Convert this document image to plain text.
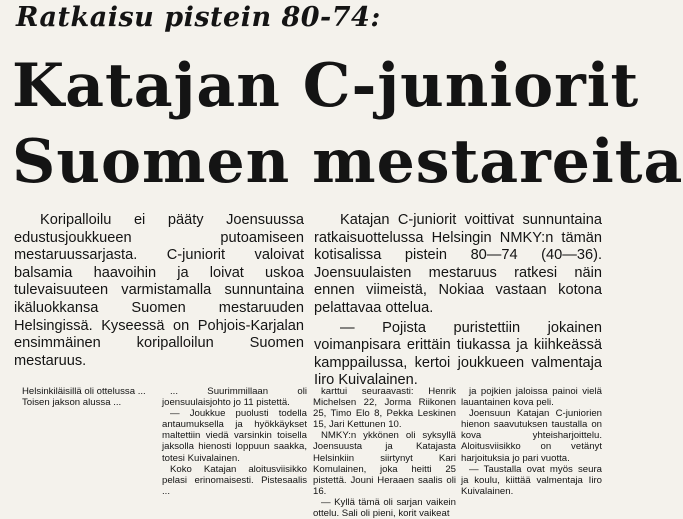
Ratkaisu pistein 80-74:
Katajan C-juniorit
Suomen mestareita

Koripalloilu ei pääty Joensuussa edustusjoukkueen putoamiseen mestaruussarjasta. C-juniorit valoivat balsamia haavoihin ja loivat uskoa tulevaisuuteen varmistamalla sunnuntaina ikäluokkansa Suomen mestaruuden Helsingissä. Kyseessä on Pohjois-Karjalan ensimmäinen koripalloilun Suomen mestaruus.

Katajan C-juniorit voittivat sunnuntaina ratkaisuottelussa Helsingin NMKY:n tämän kotisalissa pistein 80—74 (40—36). Joensuulaisten mestaruus ratkesi näin ennen viimeistä, Nokiaa vastaan kotona pelattavaa ottelua.

— Pojista puristettiin jokainen voimanpisara erittäin tiukassa ja kiihkeässä kamppailussa, kertoi joukkueen valmentaja Iiro Kuivalainen.

Helsinkiläisillä oli ottelussa ...

Toisen jakson alussa ...

... Suurimmillaan oli joensuulaisjohto jo 11 pistettä.

— Joukkue puolusti todella antaumuksella ja hyökkäykset maltettiin viedä varsinkin toisella jaksolla hienosti loppuun saakka, totesi Kuivalainen.

Koko Katajan aloitusviisikko pelasi erinomaisesti. Pistesaalis ...

karttui seuraavasti: Henrik Michelsen 22, Jorma Riikonen 25, Timo Elo 8, Pekka Leskinen 15, Jari Kettunen 10.

NMKY:n ykkönen oli syksyllä Joensuusta ja Katajasta Helsinkiin siirtynyt Kari Komulainen, joka heitti 25 pistettä. Jouni Heraaen saalis oli 16.

— Kyllä tämä oli sarjan vaikein ottelu. Sali oli pieni, korit vaikeat

ja pojkien jaloissa painoi vielä lauantainen kova peli.

Joensuun Katajan C-juniorien hienon saavutuksen taustalla on kova yhteisharjoittelu. Aloitusviisikko on vetänyt harjoituksia jo pari vuotta.

— Taustalla ovat myös seura ja koulu, kiittää valmentaja Iiro Kuivalainen.
